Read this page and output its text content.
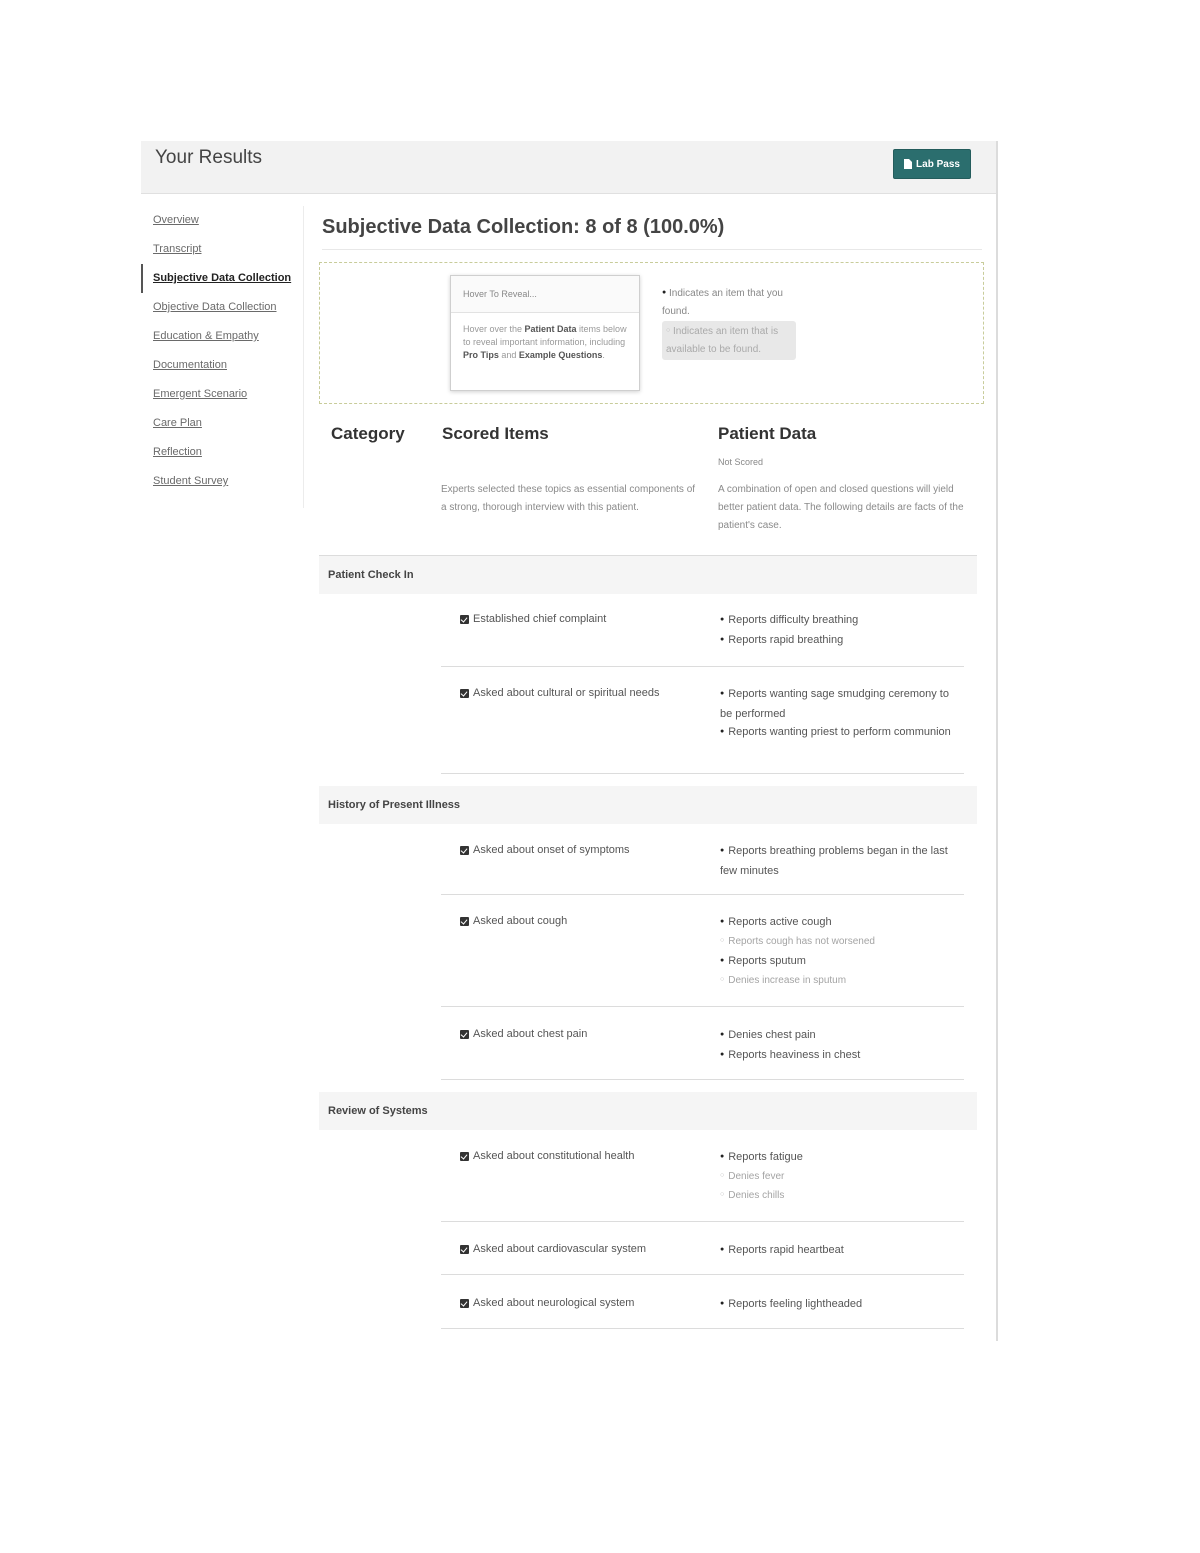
Your Results	Lab Pass
Overview
Transcript
Subjective Data Collection
Objective Data Collection
Education & Empathy
Documentation
Emergent Scenario
Care Plan
Reflection
Student Survey
Subjective Data Collection: 8 of 8 (100.0%)
Hover To Reveal...
Hover over the Patient Data items below to reveal important information, including Pro Tips and Example Questions.
● Indicates an item that you found.
○ Indicates an item that is available to be found.
Category Scored Items	Patient Data
Not Scored
Experts selected these topics as essential components of a strong, thorough interview with this patient.
A combination of open and closed questions will yield better patient data. The following details are facts of the patient's case.
Patient Check In
Established chief complaint	● Reports difficulty breathing
● Reports rapid breathing
Asked about cultural or spiritual needs	● Reports wanting sage smudging ceremony to be performed
● Reports wanting priest to perform communion
History of Present Illness
Asked about onset of symptoms	● Reports breathing problems began in the last few minutes
Asked about cough	● Reports active cough
○ Reports cough has not worsened
● Reports sputum
○ Denies increase in sputum
Asked about chest pain	● Denies chest pain
● Reports heaviness in chest
Review of Systems
Asked about constitutional health	● Reports fatigue
○ Denies fever
○ Denies chills
Asked about cardiovascular system	● Reports rapid heartbeat
Asked about neurological system	● Reports feeling lightheaded
